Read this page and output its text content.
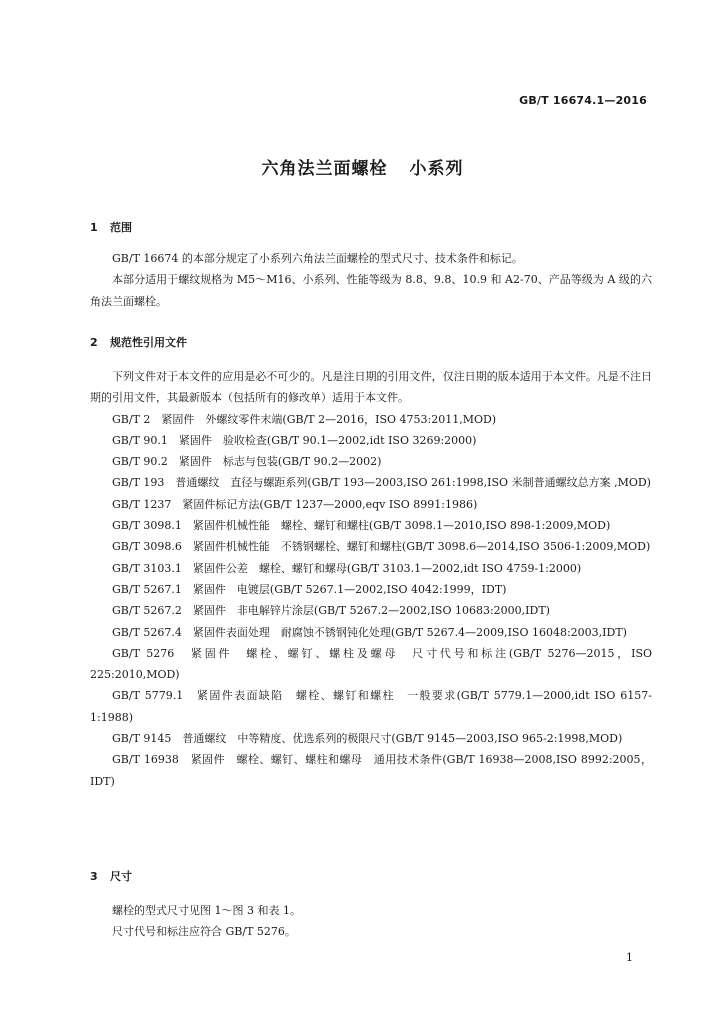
GB/T 16674.1—2016
六角法兰面螺栓 小系列
1 范围

GB/T 16674 的本部分规定了小系列六角法兰面螺栓的型式尺寸、技术条件和标记。

本部分适用于螺纹规格为 M5～M16、小系列、性能等级为 8.8、9.8、10.9 和 A2-70、产品等级为 A 级的六角法兰面螺栓。

2 规范性引用文件

下列文件对于本文件的应用是必不可少的。凡是注日期的引用文件，仅注日期的版本适用于本文件。凡是不注日期的引用文件，其最新版本（包括所有的修改单）适用于本文件。

GB/T 2　紧固件　外螺纹零件末端(GB/T 2—2016，ISO 4753:2011,MOD)

GB/T 90.1　紧固件　验收检查(GB/T 90.1—2002,idt ISO 3269:2000)

GB/T 90.2　紧固件　标志与包装(GB/T 90.2—2002)

GB/T 193　普通螺纹　直径与螺距系列(GB/T 193—2003,ISO 261:1998,ISO 米制普通螺纹总方案 ,MOD)

GB/T 1237　紧固件标记方法(GB/T 1237—2000,eqv ISO 8991:1986)

GB/T 3098.1　紧固件机械性能　螺栓、螺钉和螺柱(GB/T 3098.1—2010,ISO 898-1:2009,MOD)

GB/T 3098.6　紧固件机械性能　不锈钢螺栓、螺钉和螺柱(GB/T 3098.6—2014,ISO 3506-1:2009,MOD)

GB/T 3103.1　紧固件公差　螺栓、螺钉和螺母(GB/T 3103.1—2002,idt ISO 4759-1:2000)

GB/T 5267.1　紧固件　电镀层(GB/T 5267.1—2002,ISO 4042:1999，IDT)

GB/T 5267.2　紧固件　非电解锌片涂层(GB/T 5267.2—2002,ISO 10683:2000,IDT)

GB/T 5267.4　紧固件表面处理　耐腐蚀不锈钢钝化处理(GB/T 5267.4—2009,ISO 16048:2003,IDT)

GB/T 5276　紧固件　螺栓、螺钉、螺柱及螺母　尺寸代号和标注(GB/T 5276—2015，ISO 225:2010,MOD)

GB/T 5779.1　紧固件表面缺陷　螺栓、螺钉和螺柱　一般要求(GB/T 5779.1—2000,idt ISO 6157-1:1988)

GB/T 9145　普通螺纹　中等精度、优选系列的极限尺寸(GB/T 9145—2003,ISO 965-2:1998,MOD)

GB/T 16938　紧固件　螺栓、螺钉、螺柱和螺母　通用技术条件(GB/T 16938—2008,ISO 8992:2005，IDT)

3 尺寸

螺栓的型式尺寸见图 1～图 3 和表 1。

尺寸代号和标注应符合 GB/T 5276。

1
